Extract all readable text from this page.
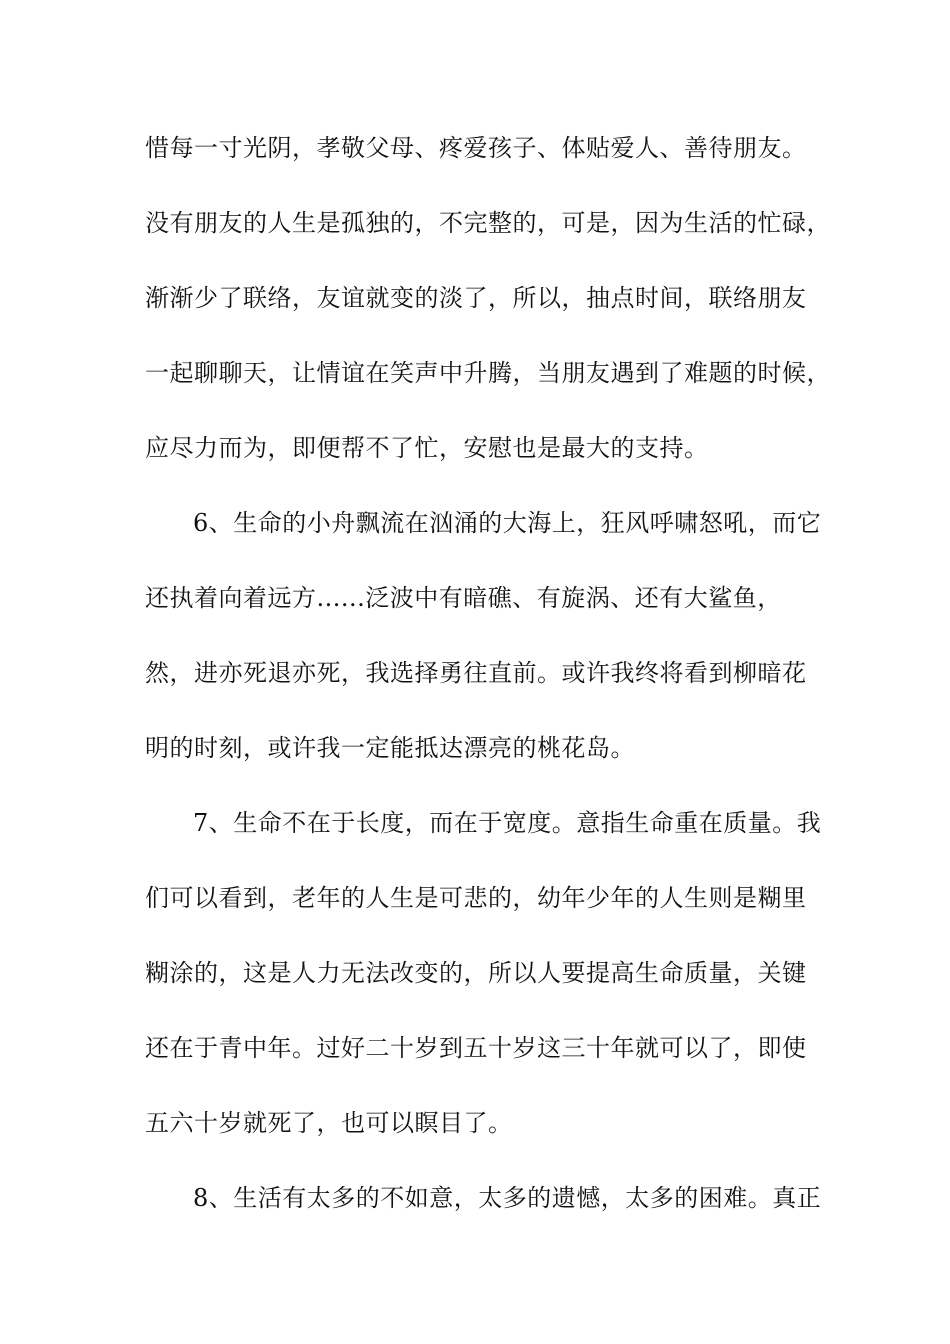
惜每一寸光阴，孝敬父母、疼爱孩子、体贴爱人、善待朋友。
没有朋友的人生是孤独的，不完整的，可是，因为生活的忙碌，
渐渐少了联络，友谊就变的淡了，所以，抽点时间，联络朋友
一起聊聊天，让情谊在笑声中升腾，当朋友遇到了难题的时候，
应尽力而为，即便帮不了忙，安慰也是最大的支持。
6、生命的小舟飘流在汹涌的大海上，狂风呼啸怒吼，而它
还执着向着远方......泛波中有暗礁、有旋涡、还有大鲨鱼，
然，进亦死退亦死，我选择勇往直前。或许我终将看到柳暗花
明的时刻，或许我一定能抵达漂亮的桃花岛。
7、生命不在于长度，而在于宽度。意指生命重在质量。我
们可以看到，老年的人生是可悲的，幼年少年的人生则是糊里
糊涂的，这是人力无法改变的，所以人要提高生命质量，关键
还在于青中年。过好二十岁到五十岁这三十年就可以了，即使
五六十岁就死了，也可以瞑目了。
8、生活有太多的不如意，太多的遗憾，太多的困难。真正
